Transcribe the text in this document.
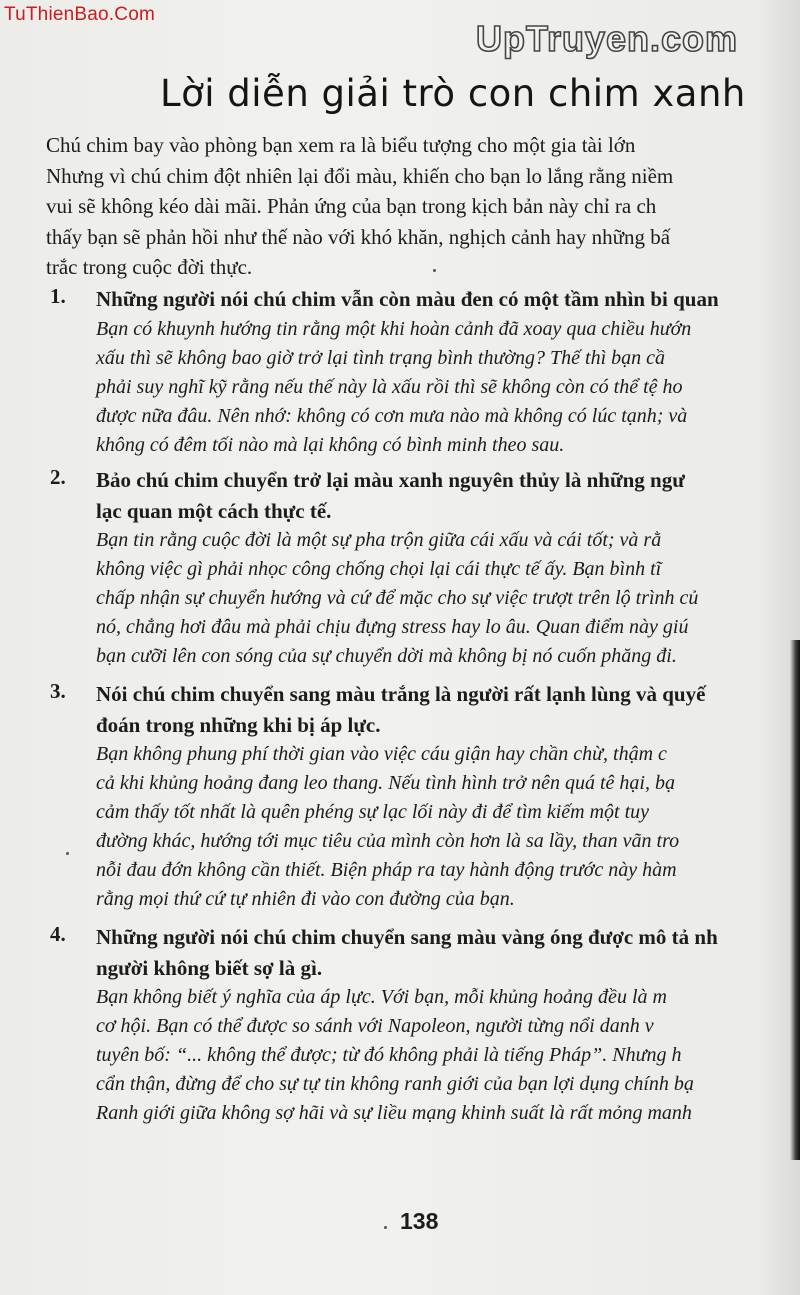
TuThienBao.Com
UpTruyen.com
Lời diễn giải trò con chim xanh
Chú chim bay vào phòng bạn xem ra là biểu tượng cho một gia tài lớn
Nhưng vì chú chim đột nhiên lại đổi màu, khiến cho bạn lo lắng rằng niềm
vui sẽ không kéo dài mãi. Phản ứng của bạn trong kịch bản này chỉ ra ch
thấy bạn sẽ phản hồi như thế nào với khó khăn, nghịch cảnh hay những bấ
trắc trong cuộc đời thực.
1. Những người nói chú chim vẫn còn màu đen có một tầm nhìn bi quan
Bạn có khuynh hướng tin rằng một khi hoàn cảnh đã xoay qua chiều hướn
xấu thì sẽ không bao giờ trở lại tình trạng bình thường? Thế thì bạn cầ
phải suy nghĩ kỹ rằng nếu thế này là xấu rồi thì sẽ không còn có thể tệ ho
được nữa đâu. Nên nhớ: không có cơn mưa nào mà không có lúc tạnh; và
không có đêm tối nào mà lại không có bình minh theo sau.
2. Bảo chú chim chuyển trở lại màu xanh nguyên thủy là những ngư
lạc quan một cách thực tế.
Bạn tin rằng cuộc đời là một sự pha trộn giữa cái xấu và cái tốt; và rằ
không việc gì phải nhọc công chống chọi lại cái thực tế ấy. Bạn bình tĩ
chấp nhận sự chuyển hướng và cứ để mặc cho sự việc trượt trên lộ trình củ
nó, chẳng hơi đâu mà phải chịu đựng stress hay lo âu. Quan điểm này giú
bạn cưỡi lên con sóng của sự chuyển dời mà không bị nó cuốn phăng đi.
3. Nói chú chim chuyển sang màu trắng là người rất lạnh lùng và quyế
đoán trong những khi bị áp lực.
Bạn không phung phí thời gian vào việc cáu giận hay chần chừ, thậm c
cả khi khủng hoảng đang leo thang. Nếu tình hình trở nên quá tê hại, bạ
cảm thấy tốt nhất là quên phéng sự lạc lối này đi để tìm kiếm một tuy
đường khác, hướng tới mục tiêu của mình còn hơn là sa lầy, than vãn tro
nỗi đau đớn không cần thiết. Biện pháp ra tay hành động trước này hàm
rằng mọi thứ cứ tự nhiên đi vào con đường của bạn.
4. Những người nói chú chim chuyển sang màu vàng óng được mô tả nh
người không biết sợ là gì.
Bạn không biết ý nghĩa của áp lực. Với bạn, mỗi khủng hoảng đều là m
cơ hội. Bạn có thể được so sánh với Napoleon, người từng nổi danh v
tuyên bố: “... không thể được; từ đó không phải là tiếng Pháp”. Nhưng h
cẩn thận, đừng để cho sự tự tin không ranh giới của bạn lợi dụng chính bạ
Ranh giới giữa không sợ hãi và sự liều mạng khinh suất là rất mỏng manh
138
